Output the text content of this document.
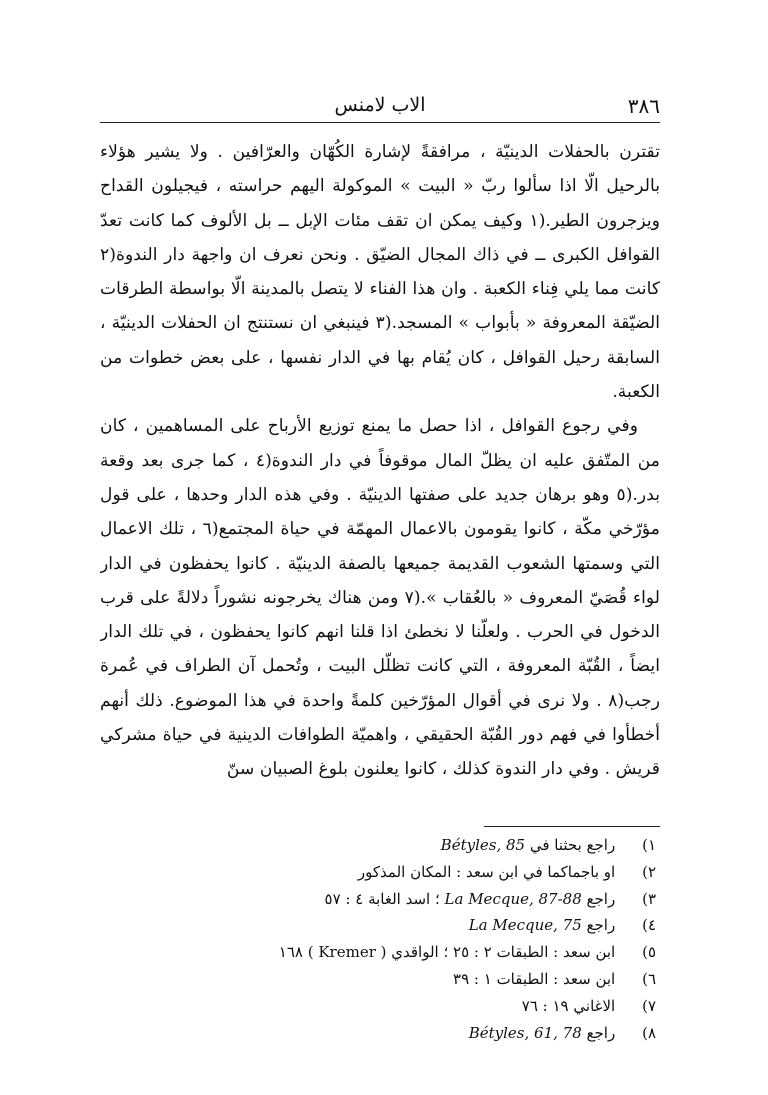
٣٨٦
الاب لامنس

تقترن بالحفلات الدينيّة ، مرافقةً لإشارة الكُهّان والعرّافين . ولا يشير هؤلاء بالرحيل الّا اذا سألوا ربّ « البيت » الموكولة اليهم حراسته ، فيجيلون القداح ويزجرون الطير.(١ وكيف يمكن ان تقف مئات الإبل ــ بل الألوف كما كانت تعدّ القوافل الكبرى ــ في ذاك المجال الضيّق . ونحن نعرف ان واجهة دار الندوة(٢ كانت مما يلي فِناء الكعبة . وان هذا الفناء لا يتصل بالمدينة الّا بواسطة الطرقات الضيّقة المعروفة « بأبواب » المسجد.(٣ فينبغي ان نستنتج ان الحفلات الدينيّة ، السابقة رحيل القوافل ، كان يُقام بها في الدار نفسها ، على بعض خطوات من الكعبة.

وفي رجوع القوافل ، اذا حصل ما يمنع توزيع الأرباح على المساهمين ، كان من المتّفق عليه ان يظلّ المال موقوفاً في دار الندوة(٤ ، كما جرى بعد وقعة بدر.(٥ وهو برهان جديد على صفتها الدينيّة . وفي هذه الدار وحدها ، على قول مؤرّخي مكّة ، كانوا يقومون بالاعمال المهمّة في حياة المجتمع(٦ ، تلك الاعمال التي وسمتها الشعوب القديمة جميعها بالصفة الدينيّة . كانوا يحفظون في الدار لواء قُصَيّ المعروف « بالعُقاب ».(٧ ومن هناك يخرجونه نشوراً دلالةً على قرب الدخول في الحرب . ولعلّنا لا نخطئ اذا قلنا انهم كانوا يحفظون ، في تلك الدار ايضاً ، القُبّة المعروفة ، التي كانت تظلّل البيت ، وتُحمل آن الطراف في عُمرة رجب(٨ . ولا نرى في أقوال المؤرّخين كلمةً واحدة في هذا الموضوع. ذلك أنهم أخطأوا في فهم دور القُبّة الحقيقي ، واهميّة الطوافات الدينية في حياة مشركي قريش . وفي دار الندوة كذلك ، كانوا يعلنون بلوغ الصبيان سنّ

١) راجع بحثنا في Bétyles, 85
٢) او باجماكما في ابن سعد : المكان المذكور
٣) راجع La Mecque, 87-88 ؛ اسد الغابة ٤ : ٥٧
٤) راجع La Mecque, 75
٥) ابن سعد : الطبقات ٢ : ٢٥ ؛ الواقدي ( Kremer ) ١٦٨
٦) ابن سعد : الطبقات ١ : ٣٩
٧) الاغاني ١٩ : ٧٦
٨) راجع Bétyles, 61, 78
